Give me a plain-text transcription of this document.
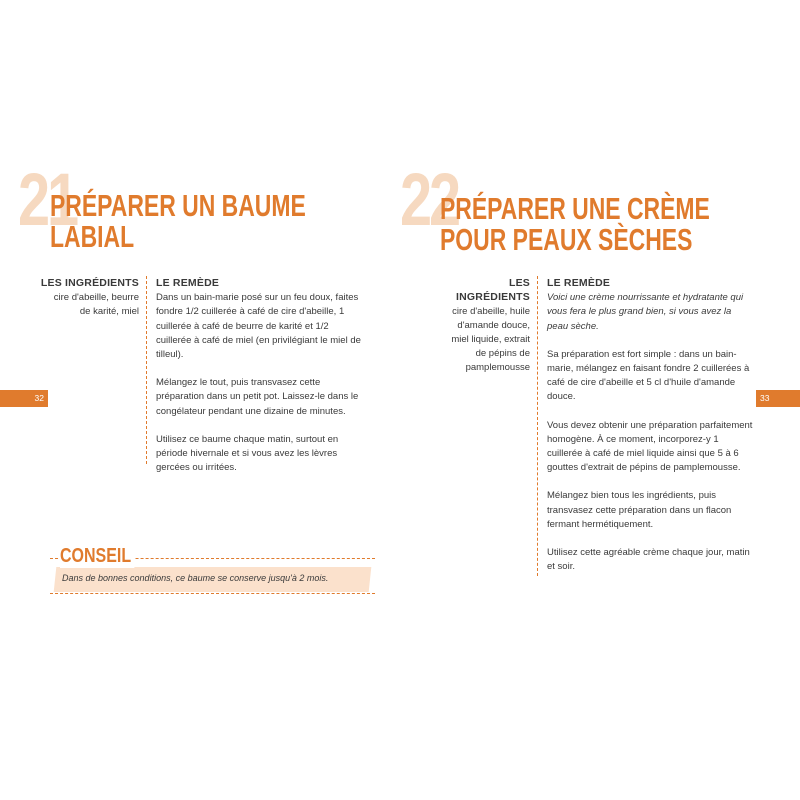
21
PRÉPARER UN BAUME
LABIAL
LES INGRÉDIENTS
cire d'abeille, beurre
de karité, miel
LE REMÈDE

Dans un bain-marie posé sur un feu doux, faites fondre 1/2 cuillerée à café de cire d'abeille, 1 cuillerée à café de beurre de karité et 1/2 cuillerée à café de miel (en privilégiant le miel de tilleul).

Mélangez le tout, puis transvasez cette préparation dans un petit pot. Laissez-le dans le congélateur pendant une dizaine de minutes.

Utilisez ce baume chaque matin, surtout en période hivernale et si vous avez les lèvres gercées ou irritées.

32
CONSEIL
Dans de bonnes conditions, ce baume se conserve jusqu'à 2 mois.
22
PRÉPARER UNE CRÈME
POUR PEAUX SÈCHES
LES INGRÉDIENTS
cire d'abeille, huile
d'amande douce,
miel liquide, extrait
de pépins de
pamplemousse
LE REMÈDE

Voici une crème nourrissante et hydratante qui vous fera le plus grand bien, si vous avez la peau sèche.

Sa préparation est fort simple : dans un bain-marie, mélangez en faisant fondre 2 cuillerées à café de cire d'abeille et 5 cl d'huile d'amande douce.

Vous devez obtenir une préparation parfaitement homogène. À ce moment, incorporez-y 1 cuillerée à café de miel liquide ainsi que 5 à 6 gouttes d'extrait de pépins de pamplemousse.

Mélangez bien tous les ingrédients, puis transvasez cette préparation dans un flacon fermant hermétiquement.

Utilisez cette agréable crème chaque jour, matin et soir.

33
